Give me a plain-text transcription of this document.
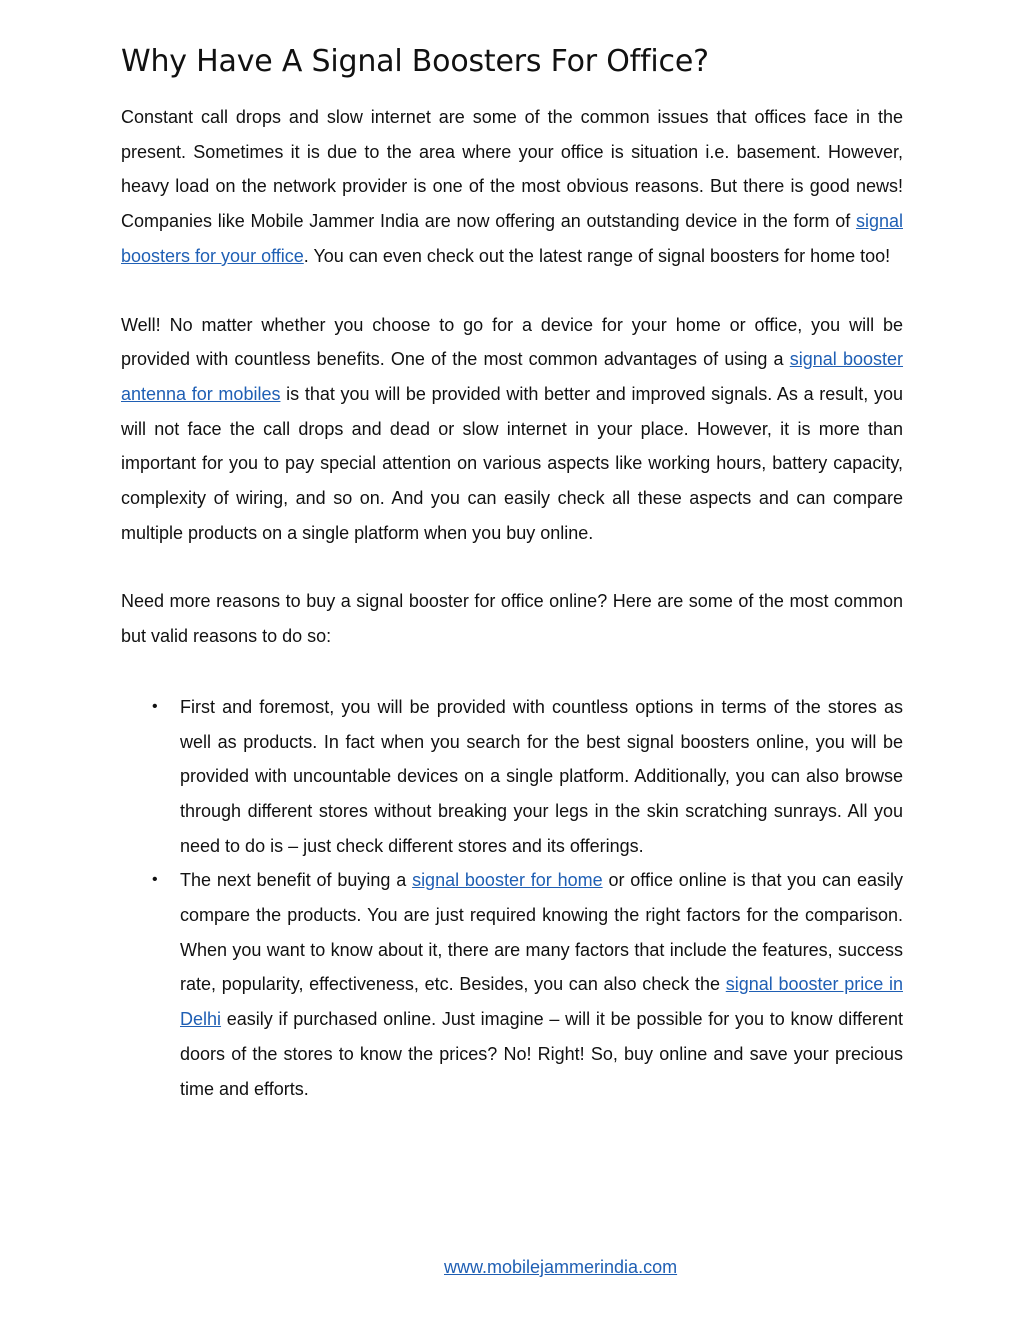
Why Have A Signal Boosters For Office?

Constant call drops and slow internet are some of the common issues that offices face in the present. Sometimes it is due to the area where your office is situation i.e. basement. However, heavy load on the network provider is one of the most obvious reasons. But there is good news! Companies like Mobile Jammer India are now offering an outstanding device in the form of signal boosters for your office. You can even check out the latest range of signal boosters for home too!

Well! No matter whether you choose to go for a device for your home or office, you will be provided with countless benefits. One of the most common advantages of using a signal booster antenna for mobiles is that you will be provided with better and improved signals. As a result, you will not face the call drops and dead or slow internet in your place. However, it is more than important for you to pay special attention on various aspects like working hours, battery capacity, complexity of wiring, and so on. And you can easily check all these aspects and can compare multiple products on a single platform when you buy online.

Need more reasons to buy a signal booster for office online? Here are some of the most common but valid reasons to do so:

• First and foremost, you will be provided with countless options in terms of the stores as well as products. In fact when you search for the best signal boosters online, you will be provided with uncountable devices on a single platform. Additionally, you can also browse through different stores without breaking your legs in the skin scratching sunrays. All you need to do is – just check different stores and its offerings.
• The next benefit of buying a signal booster for home or office online is that you can easily compare the products. You are just required knowing the right factors for the comparison. When you want to know about it, there are many factors that include the features, success rate, popularity, effectiveness, etc. Besides, you can also check the signal booster price in Delhi easily if purchased online. Just imagine – will it be possible for you to know different doors of the stores to know the prices? No! Right! So, buy online and save your precious time and efforts.
www.mobilejammerindia.com
